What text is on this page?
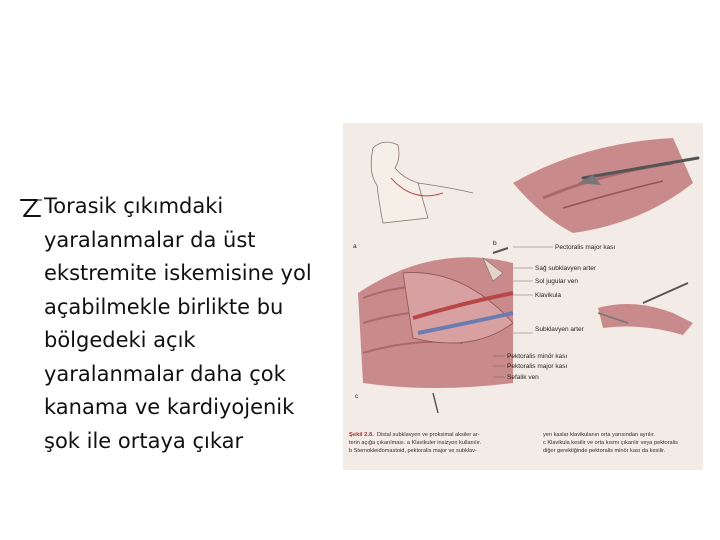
Torasik çıkımdaki
yaralanmalar da üst
ekstremite iskemisine yol
açabilmekle birlikte bu
bölgedeki açık
yaralanmalar daha çok
kanama ve kardiyojenik
şok ile ortaya çıkar

a	b
c
Pectoralis major kası
Sağ subklavyen arter
Sol jugular ven
Klavikula
Subklavyen arter
Pektoralis minör kası
Pektoralis major kası
Sefalik ven
Şekil 2.8. Distal subklavyen ve proksimal aksiler ar-
terin açığa çıkarılması. a Klavikuler insizyon kullanılır.
b Sternokleidomastoid, pektoralis major ve subklav-
yen kaslar klavikulanın orta yarısından ayrılır.
c Klavikula kesilir ve orta kısmı çıkarılır veya pektoralis
diğer gerektiğinde pektoralis minör kası da kesilir.
